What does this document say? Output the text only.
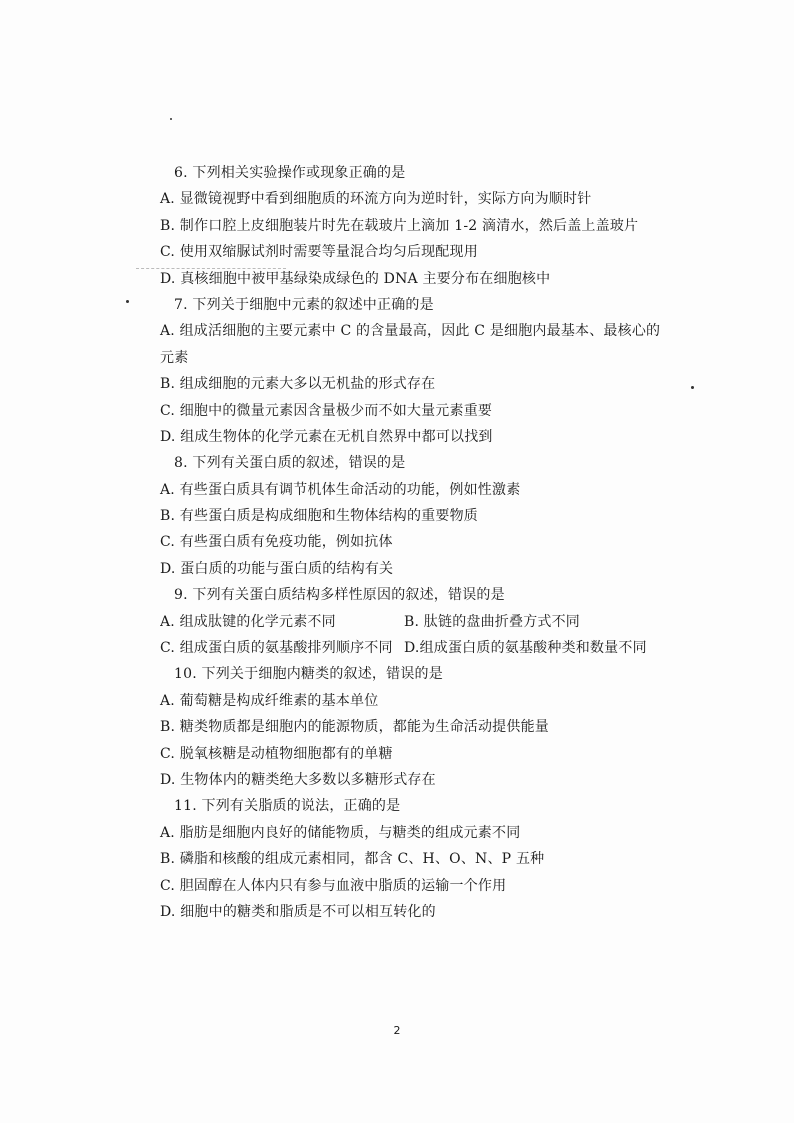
6. 下列相关实验操作或现象正确的是
A. 显微镜视野中看到细胞质的环流方向为逆时针，实际方向为顺时针
B. 制作口腔上皮细胞装片时先在载玻片上滴加 1-2 滴清水，然后盖上盖玻片
C. 使用双缩脲试剂时需要等量混合均匀后现配现用
D. 真核细胞中被甲基绿染成绿色的 DNA 主要分布在细胞核中
7. 下列关于细胞中元素的叙述中正确的是
A. 组成活细胞的主要元素中 C 的含量最高，因此 C 是细胞内最基本、最核心的
元素
B. 组成细胞的元素大多以无机盐的形式存在
C. 细胞中的微量元素因含量极少而不如大量元素重要
D. 组成生物体的化学元素在无机自然界中都可以找到
8. 下列有关蛋白质的叙述，错误的是
A. 有些蛋白质具有调节机体生命活动的功能，例如性激素
B. 有些蛋白质是构成细胞和生物体结构的重要物质
C. 有些蛋白质有免疫功能，例如抗体
D. 蛋白质的功能与蛋白质的结构有关
9. 下列有关蛋白质结构多样性原因的叙述，错误的是
A. 组成肽键的化学元素不同	B. 肽链的盘曲折叠方式不同
C. 组成蛋白质的氨基酸排列顺序不同 D.组成蛋白质的氨基酸种类和数量不同
10. 下列关于细胞内糖类的叙述，错误的是
A. 葡萄糖是构成纤维素的基本单位
B. 糖类物质都是细胞内的能源物质，都能为生命活动提供能量
C. 脱氧核糖是动植物细胞都有的单糖
D. 生物体内的糖类绝大多数以多糖形式存在
11. 下列有关脂质的说法，正确的是
A. 脂肪是细胞内良好的储能物质，与糖类的组成元素不同
B. 磷脂和核酸的组成元素相同，都含 C、H、O、N、P 五种
C. 胆固醇在人体内只有参与血液中脂质的运输一个作用
D. 细胞中的糖类和脂质是不可以相互转化的
2
